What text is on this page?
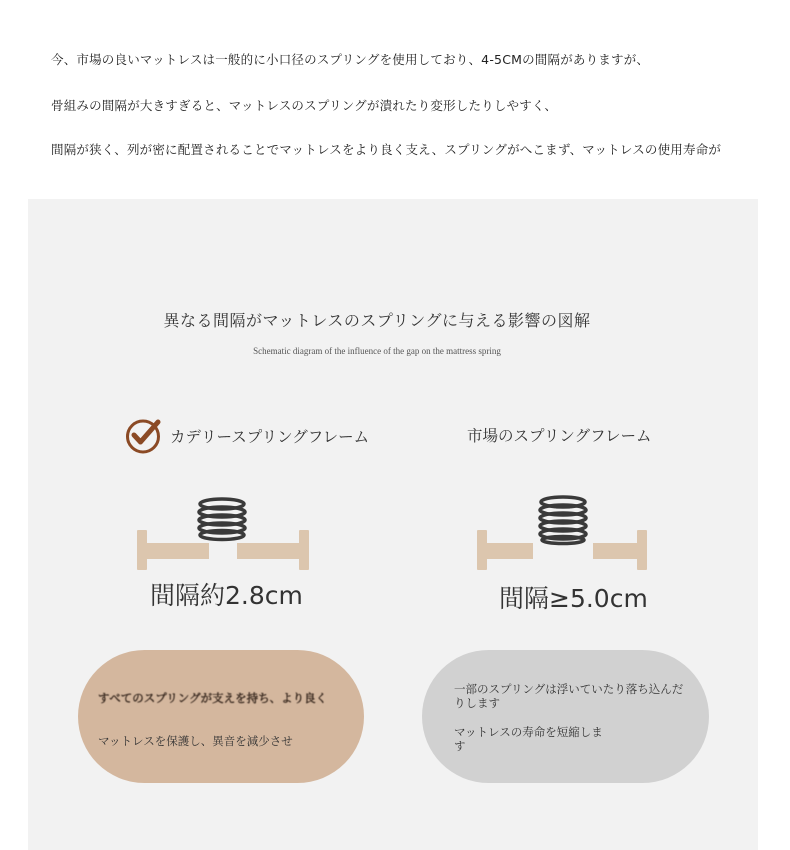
今、市場の良いマットレスは一般的に小口径のスプリングを使用しており、4-5CMの間隔がありますが、
骨組みの間隔が大きすぎると、マットレスのスプリングが潰れたり変形したりしやすく、
間隔が狭く、列が密に配置されることでマットレスをより良く支え、スプリングがへこまず、マットレスの使用寿命が
異なる間隔がマットレスのスプリングに与える影響の図解
Schematic diagram of the influence of the gap on the mattress spring
カデリースプリングフレーム	市場のスプリングフレーム
間隔約2.8cm	間隔≥5.0cm
すべてのスプリングが支えを持ち、より良く
マットレスを保護し、異音を減少させ
一部のスプリングは浮いていたり落ち込んだりします
マットレスの寿命を短縮します
